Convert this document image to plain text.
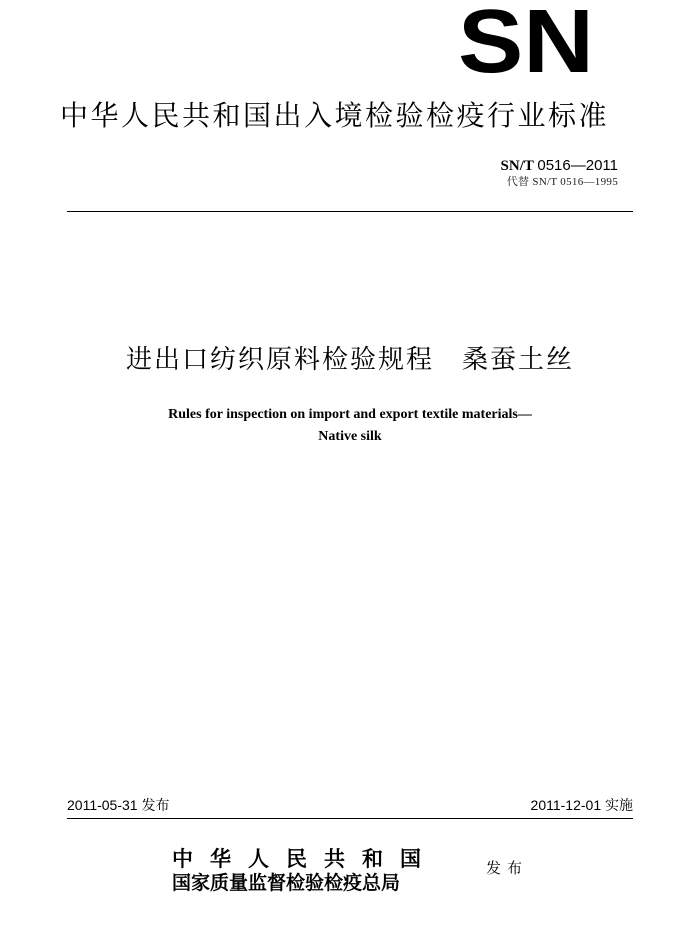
SN
中华人民共和国出入境检验检疫行业标准
SN/T 0516—2011
代替 SN/T 0516—1995
进出口纺织原料检验规程　桑蚕土丝
Rules for inspection on import and export textile materials—
Native silk
2011-05-31 发布	2011-12-01 实施
中华人民共和国
国家质量监督检验检疫总局
发布
